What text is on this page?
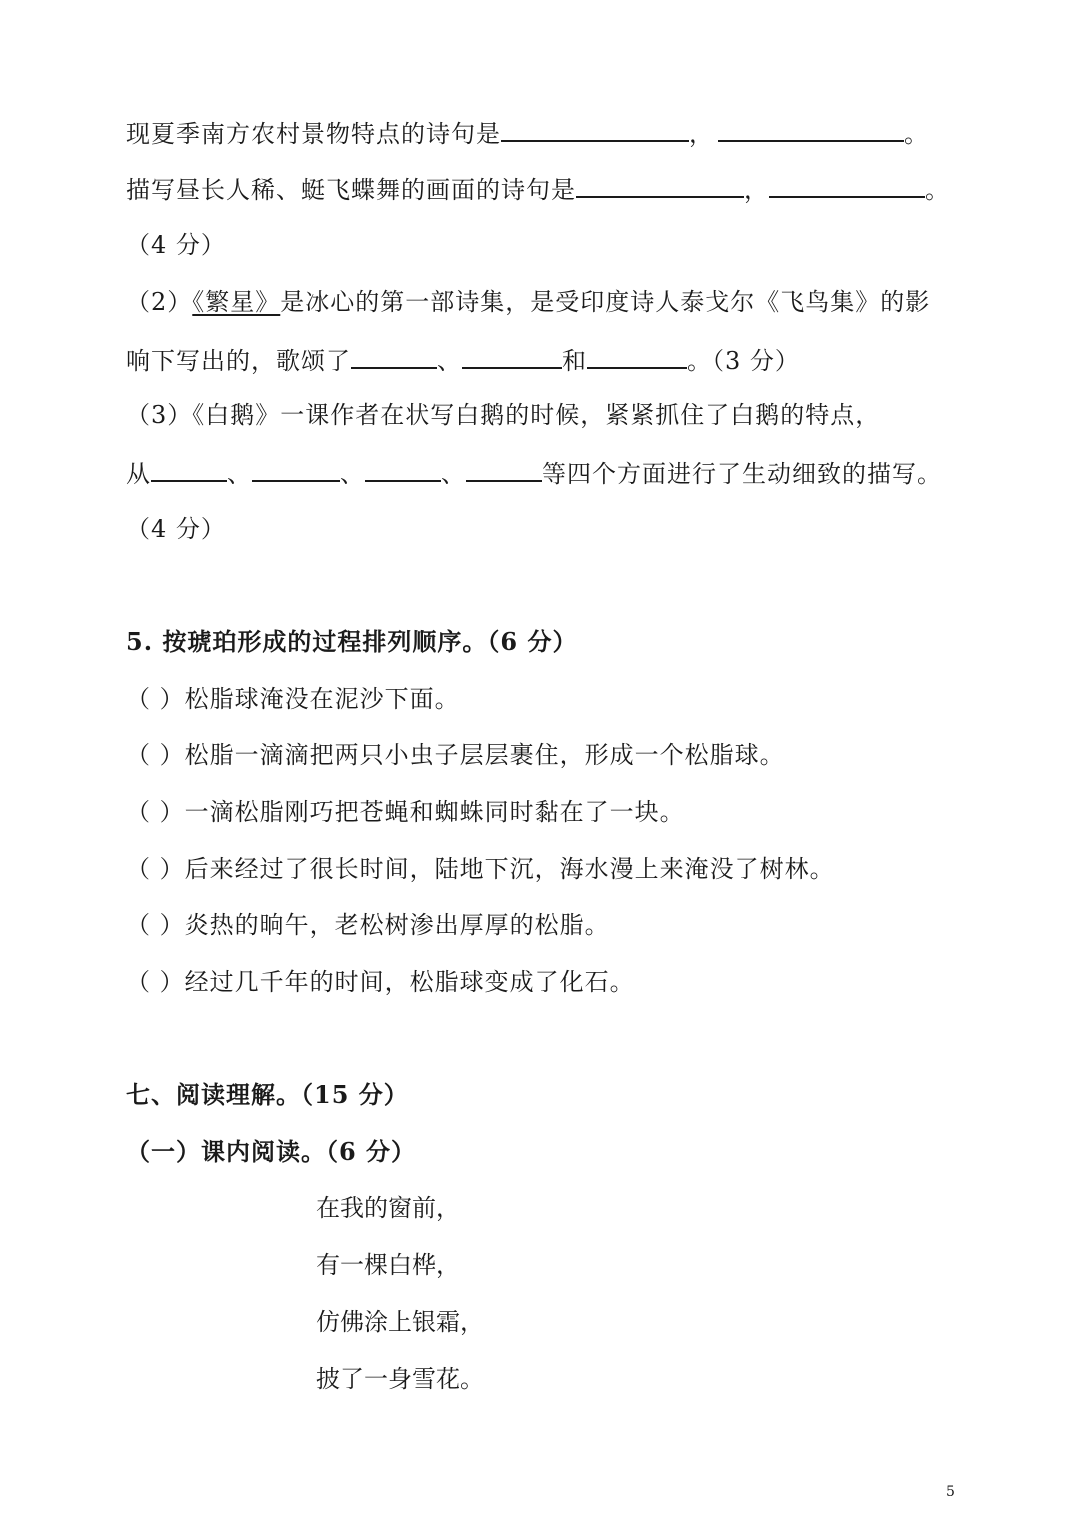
现夏季南方农村景物特点的诗句是	，	。
描写昼长人稀、蜓飞蝶舞的画面的诗句是	，	。
（4 分）
（2）《繁星》是冰心的第一部诗集，是受印度诗人泰戈尔《飞鸟集》的影
响下写出的，歌颂了	、	和	。（3 分）
（3）《白鹅》一课作者在状写白鹅的时候，紧紧抓住了白鹅的特点，
从	、	、	、	等四个方面进行了生动细致的描写。
（4 分）
5. 按琥珀形成的过程排列顺序。（6 分）
（ ）松脂球淹没在泥沙下面。
（ ）松脂一滴滴把两只小虫子层层裹住，形成一个松脂球。
（ ）一滴松脂刚巧把苍蝇和蜘蛛同时黏在了一块。
（ ）后来经过了很长时间，陆地下沉，海水漫上来淹没了树林。
（ ）炎热的晌午，老松树渗出厚厚的松脂。
（ ）经过几千年的时间，松脂球变成了化石。
七、阅读理解。（15 分）
（一）课内阅读。（6 分）
在我的窗前，
有一棵白桦，
仿佛涂上银霜，
披了一身雪花。
5
